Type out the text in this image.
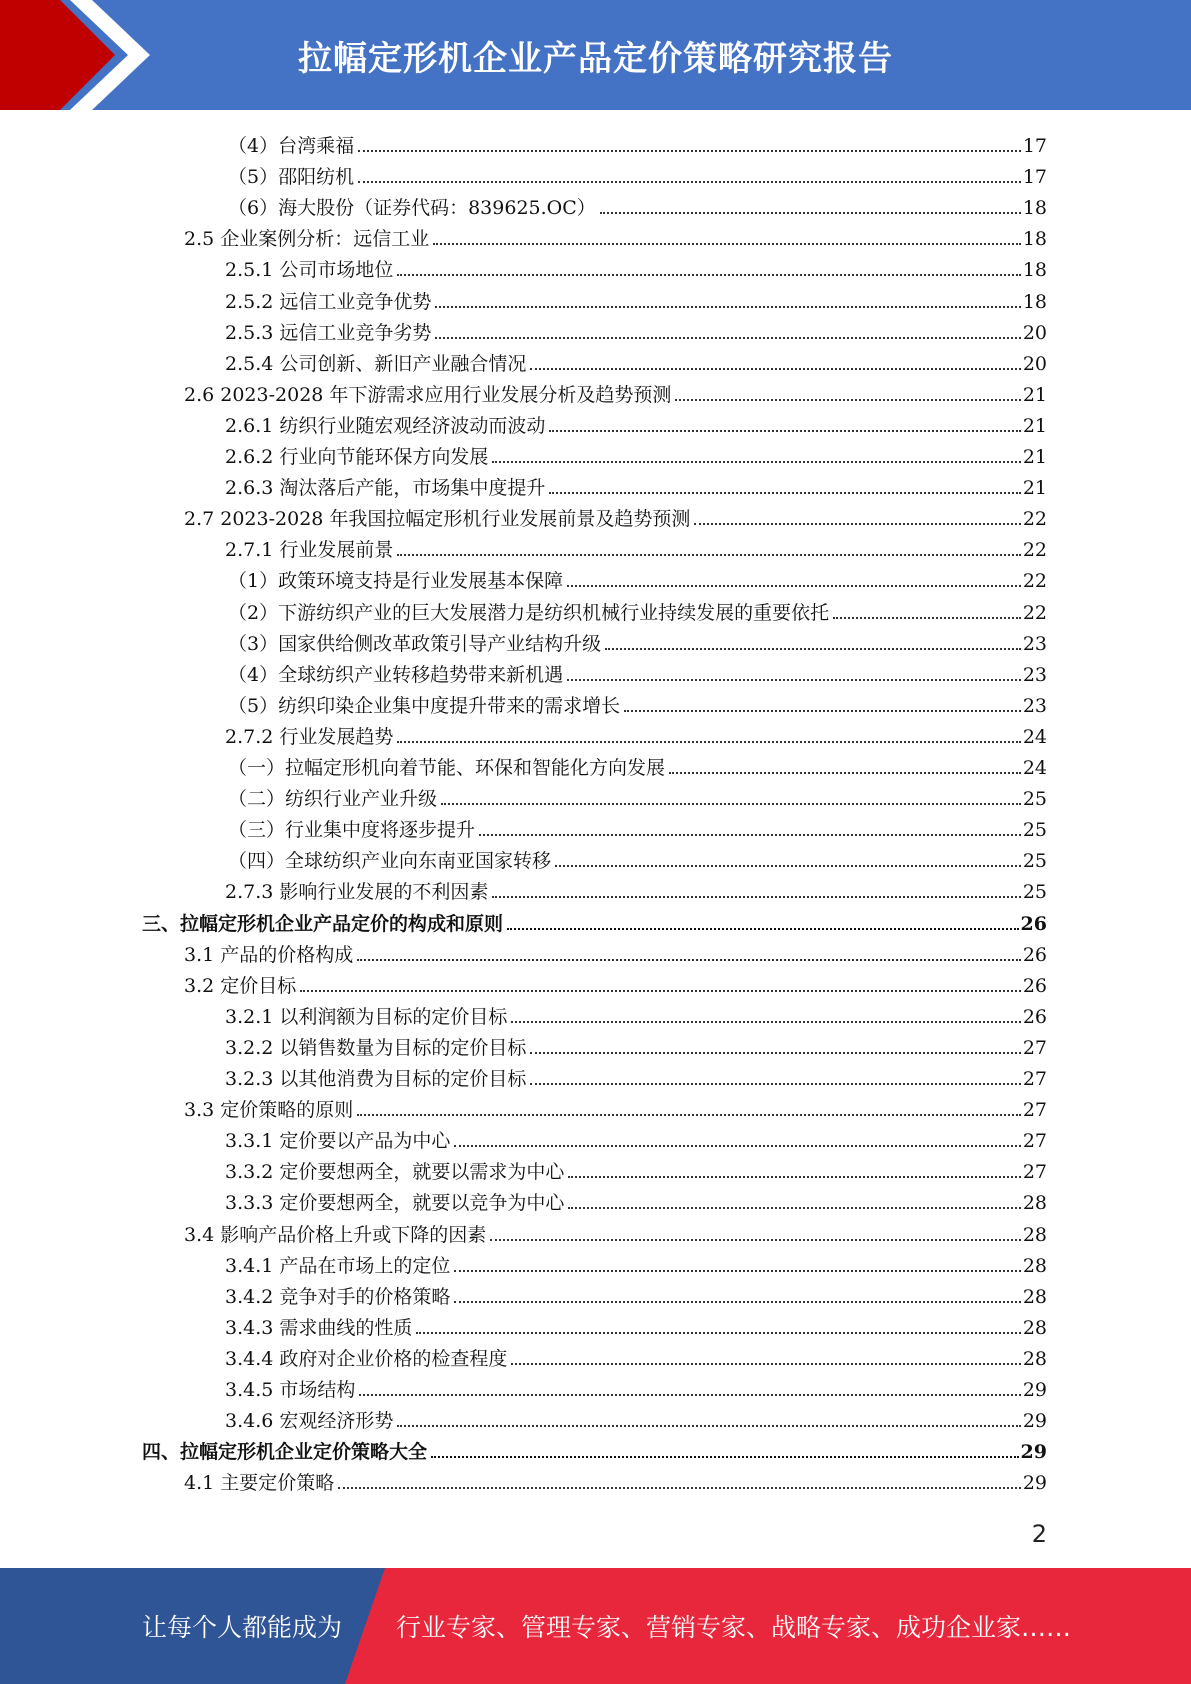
拉幅定形机企业产品定价策略研究报告
（4）台湾乘福	17
（5）邵阳纺机	17
（6）海大股份（证券代码：839625.OC）	18
2.5 企业案例分析：远信工业	18
2.5.1 公司市场地位	18
2.5.2 远信工业竞争优势	18
2.5.3 远信工业竞争劣势	20
2.5.4 公司创新、新旧产业融合情况	20
2.6 2023-2028 年下游需求应用行业发展分析及趋势预测	21
2.6.1 纺织行业随宏观经济波动而波动	21
2.6.2 行业向节能环保方向发展	21
2.6.3 淘汰落后产能，市场集中度提升	21
2.7 2023-2028 年我国拉幅定形机行业发展前景及趋势预测	22
2.7.1 行业发展前景	22
（1）政策环境支持是行业发展基本保障	22
（2）下游纺织产业的巨大发展潜力是纺织机械行业持续发展的重要依托	22
（3）国家供给侧改革政策引导产业结构升级	23
（4）全球纺织产业转移趋势带来新机遇	23
（5）纺织印染企业集中度提升带来的需求增长	23
2.7.2 行业发展趋势	24
（一）拉幅定形机向着节能、环保和智能化方向发展	24
（二）纺织行业产业升级	25
（三）行业集中度将逐步提升	25
（四）全球纺织产业向东南亚国家转移	25
2.7.3 影响行业发展的不利因素	25
三、拉幅定形机企业产品定价的构成和原则	26
3.1 产品的价格构成	26
3.2 定价目标	26
3.2.1 以利润额为目标的定价目标	26
3.2.2 以销售数量为目标的定价目标	27
3.2.3 以其他消费为目标的定价目标	27
3.3 定价策略的原则	27
3.3.1 定价要以产品为中心	27
3.3.2 定价要想两全，就要以需求为中心	27
3.3.3 定价要想两全，就要以竞争为中心	28
3.4 影响产品价格上升或下降的因素	28
3.4.1 产品在市场上的定位	28
3.4.2 竞争对手的价格策略	28
3.4.3 需求曲线的性质	28
3.4.4 政府对企业价格的检查程度	28
3.4.5 市场结构	29
3.4.6 宏观经济形势	29
四、拉幅定形机企业定价策略大全	29
4.1 主要定价策略	29
2
让每个人都能成为 行业专家、管理专家、营销专家、战略专家、成功企业家……
